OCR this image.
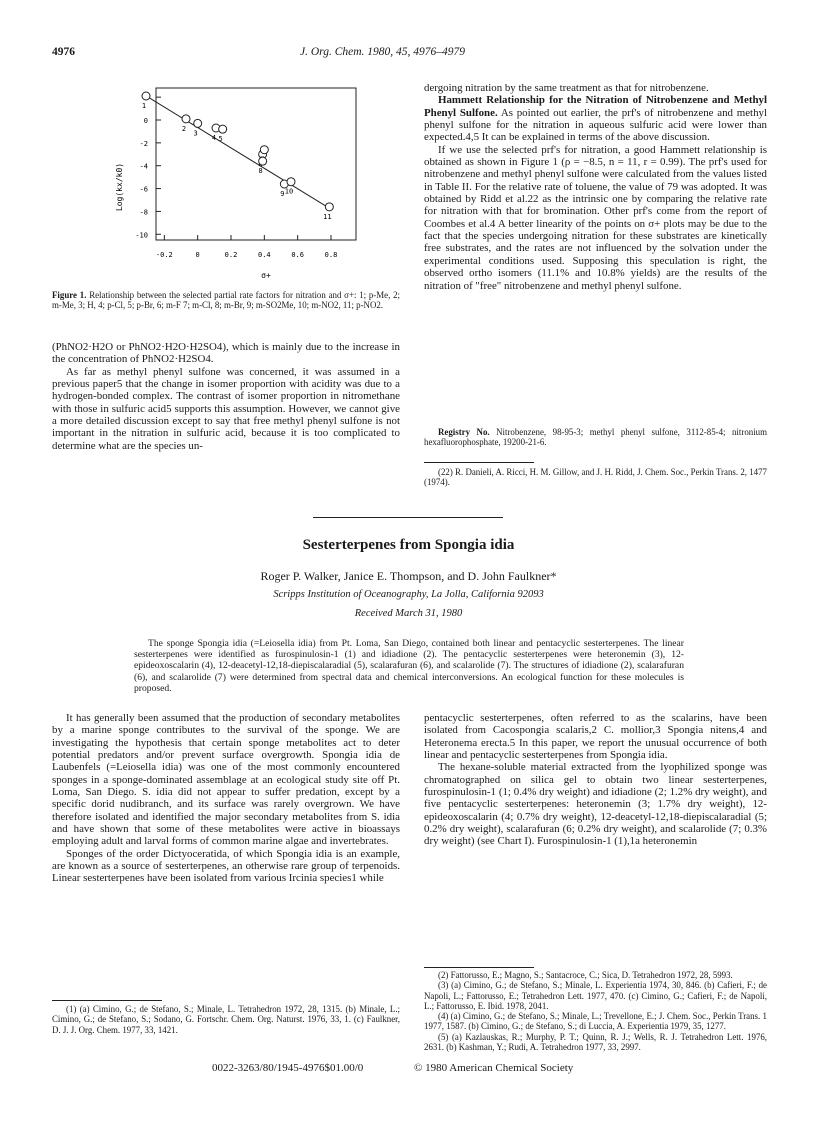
4976	J. Org. Chem. 1980, 45, 4976–4979
0
-2
-4
-6
-8
-10
-0.2	0	0.2	0.4	0.6	0.8
1
2
3
4 5
8
9 10
11
Log(kx/k0)
σ+
Figure 1. Relationship between the selected partial rate factors for nitration and σ+: 1; p-Me, 2; m-Me, 3; H, 4; p-Cl, 5; p-Br, 6; m-F 7; m-Cl, 8; m-Br, 9; m-SO2Me, 10; m-NO2, 11; p-NO2.

(PhNO2·H2O or PhNO2·H2O·H2SO4), which is mainly due to the increase in the concentration of PhNO2·H2SO4.

As far as methyl phenyl sulfone was concerned, it was assumed in a previous paper5 that the change in isomer proportion with acidity was due to a hydrogen-bonded complex. The contrast of isomer proportion in nitromethane with those in sulfuric acid5 supports this assumption. However, we cannot give a more detailed discussion except to say that free methyl phenyl sulfone is not important in the nitration in sulfuric acid, because it is too complicated to determine what are the species un-

dergoing nitration by the same treatment as that for nitrobenzene.

Hammett Relationship for the Nitration of Nitrobenzene and Methyl Phenyl Sulfone. As pointed out earlier, the prf's of nitrobenzene and methyl phenyl sulfone for the nitration in aqueous sulfuric acid were lower than expected.4,5 It can be explained in terms of the above discussion.

If we use the selected prf's for nitration, a good Hammett relationship is obtained as shown in Figure 1 (ρ = −8.5, n = 11, r = 0.99). The prf's used for nitrobenzene and methyl phenyl sulfone were calculated from the values listed in Table II. For the relative rate of toluene, the value of 79 was adopted. It was obtained by Ridd et al.22 as the intrinsic one by comparing the relative rate for nitration with that for bromination. Other prf's come from the report of Coombes et al.4 A better linearity of the points on σ+ plots may be due to the fact that the species undergoing nitration for these substrates are kinetically free substrates, and the rates are not influenced by the solvation under the experimental conditions used. Supposing this speculation is right, the observed ortho isomers (11.1% and 10.8% yields) are the results of the nitration of "free" nitrobenzene and methyl phenyl sulfone.

Registry No. Nitrobenzene, 98-95-3; methyl phenyl sulfone, 3112-85-4; nitronium hexafluorophosphate, 19200-21-6.
(22) R. Danieli, A. Ricci, H. M. Gillow, and J. H. Ridd, J. Chem. Soc., Perkin Trans. 2, 1477 (1974).
Sesterterpenes from Spongia idia
Roger P. Walker, Janice E. Thompson, and D. John Faulkner*
Scripps Institution of Oceanography, La Jolla, California 92093
Received March 31, 1980
The sponge Spongia idia (=Leiosella idia) from Pt. Loma, San Diego, contained both linear and pentacyclic sesterterpenes. The linear sesterterpenes were identified as furospinulosin-1 (1) and idiadione (2). The pentacyclic sesterterpenes were heteronemin (3), 12-epideoxoscalarin (4), 12-deacetyl-12,18-diepiscalaradial (5), scalarafuran (6), and scalarolide (7). The structures of idiadione (2), scalarafuran (6), and scalarolide (7) were determined from spectral data and chemical interconversions. An ecological function for these molecules is proposed.

It has generally been assumed that the production of secondary metabolites by a marine sponge contributes to the survival of the sponge. We are investigating the hypothesis that certain sponge metabolites act to deter potential predators and/or prevent surface overgrowth. Spongia idia de Laubenfels (=Leiosella idia) was one of the most commonly encountered sponges in a sponge-dominated assemblage at an ecological study site off Pt. Loma, San Diego. S. idia did not appear to suffer predation, except by a specific dorid nudibranch, and its surface was rarely overgrown. We have therefore isolated and identified the major secondary metabolites from S. idia and have shown that some of these metabolites were active in bioassays employing adult and larval forms of common marine algae and invertebrates.

Sponges of the order Dictyoceratida, of which Spongia idia is an example, are known as a source of sesterterpenes, an otherwise rare group of terpenoids. Linear sesterterpenes have been isolated from various Ircinia species1 while

(1) (a) Cimino, G.; de Stefano, S.; Minale, L. Tetrahedron 1972, 28, 1315. (b) Minale, L.; Cimino, G.; de Stefano, S.; Sodano, G. Fortschr. Chem. Org. Naturst. 1976, 33, 1. (c) Faulkner, D. J. J. Org. Chem. 1977, 33, 1421.

pentacyclic sesterterpenes, often referred to as the scalarins, have been isolated from Cacospongia scalaris,2 C. mollior,3 Spongia nitens,4 and Heteronema erecta.5 In this paper, we report the unusual occurrence of both linear and pentacyclic sesterterpenes from Spongia idia.

The hexane-soluble material extracted from the lyophilized sponge was chromatographed on silica gel to obtain two linear sesterterpenes, furospinulosin-1 (1; 0.4% dry weight) and idiadione (2; 1.2% dry weight), and five pentacyclic sesterterpenes: heteronemin (3; 1.7% dry weight), 12-epideoxoscalarin (4; 0.7% dry weight), 12-deacetyl-12,18-diepiscalaradial (5; 0.2% dry weight), scalarafuran (6; 0.2% dry weight), and scalarolide (7; 0.3% dry weight) (see Chart I). Furospinulosin-1 (1),1a heteronemin

(2) Fattorusso, E.; Magno, S.; Santacroce, C.; Sica, D. Tetrahedron 1972, 28, 5993.

(3) (a) Cimino, G.; de Stefano, S.; Minale, L. Experientia 1974, 30, 846. (b) Cafieri, F.; de Napoli, L.; Fattorusso, E.; Tetrahedron Lett. 1977, 470. (c) Cimino, G.; Cafieri, F.; de Napoli, L.; Fattorusso, E. Ibid. 1978, 2041.

(4) (a) Cimino, G.; de Stefano, S.; Minale, L.; Trevellone, E.; J. Chem. Soc., Perkin Trans. 1 1977, 1587. (b) Cimino, G.; de Stefano, S.; di Luccia, A. Experientia 1979, 35, 1277.

(5) (a) Kazlauskas, R.; Murphy, P. T.; Quinn, R. J.; Wells, R. J. Tetrahedron Lett. 1976, 2631. (b) Kashman, Y.; Rudi, A. Tetrahedron 1977, 33, 2997.

0022-3263/80/1945-4976$01.00/0	© 1980 American Chemical Society
